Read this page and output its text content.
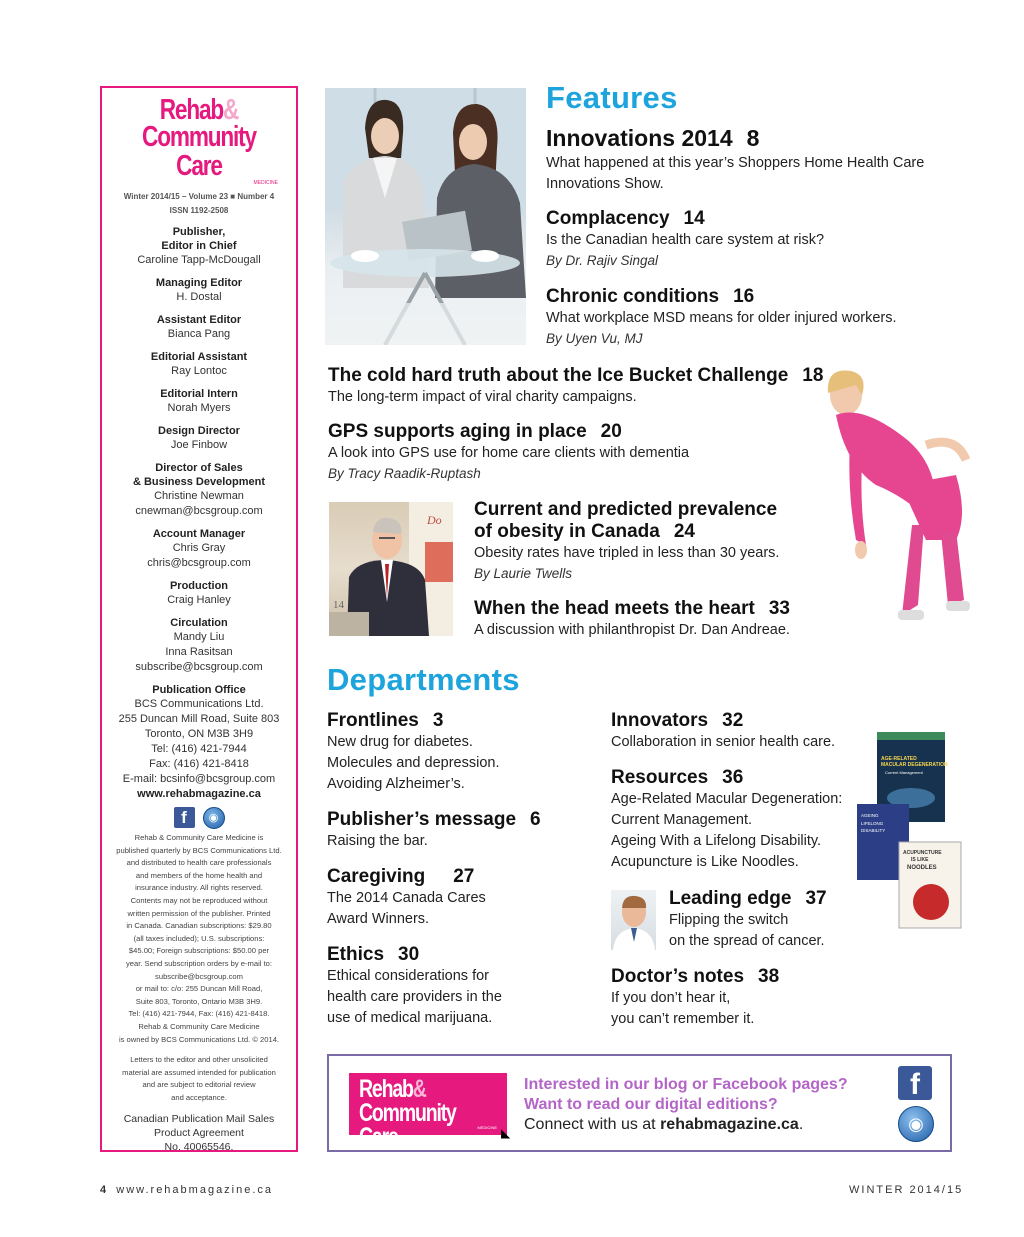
Rehab&
Community Care
MEDICINE
Winter 2014/15 – Volume 23 ■ Number 4
ISSN 1192-2508
Publisher,
Editor in Chief
Caroline Tapp-McDougall
Managing Editor
H. Dostal
Assistant Editor
Bianca Pang
Editorial Assistant
Ray Lontoc
Editorial Intern
Norah Myers
Design Director
Joe Finbow
Director of Sales
& Business Development
Christine Newman
cnewman@bcsgroup.com
Account Manager
Chris Gray
chris@bcsgroup.com
Production
Craig Hanley
Circulation
Mandy Liu
Inna Rasitsan
subscribe@bcsgroup.com
Publication Office
BCS Communications Ltd.
255 Duncan Mill Road, Suite 803
Toronto, ON M3B 3H9
Tel: (416) 421-7944
Fax: (416) 421-8418
E-mail: bcsinfo@bcsgroup.com
www.rehabmagazine.ca
f	◉
Rehab & Community Care Medicine is
published quarterly by BCS Communications Ltd.
and distributed to health care professionals
and members of the home health and
insurance industry. All rights reserved.
Contents may not be reproduced without
written permission of the publisher. Printed
in Canada. Canadian subscriptions: $29.80
(all taxes included); U.S. subscriptions:
$45.00; Foreign subscriptions: $50.00 per
year. Send subscription orders by e-mail to:
subscribe@bcsgroup.com
or mail to: c/o: 255 Duncan Mill Road,
Suite 803, Toronto, Ontario M3B 3H9.
Tel: (416) 421-7944, Fax: (416) 421-8418.
Rehab & Community Care Medicine
is owned by BCS Communications Ltd. © 2014.
Letters to the editor and other unsolicited
material are assumed intended for publication
and are subject to editorial review
and acceptance.
Canadian Publication Mail Sales
Product Agreement
No. 40065546.
Do
14
AGE-RELATED
MACULAR DEGENERATION
Current Management
AGEING
LIFELONG
DISABILITY
ACUPUNCTURE
IS LIKE
NOODLES
Features
Innovations 2014 8
What happened at this year’s Shoppers Home Health Care
Innovations Show.
Complacency 14
Is the Canadian health care system at risk?
By Dr. Rajiv Singal
Chronic conditions 16
What workplace MSD means for older injured workers.
By Uyen Vu, MJ
The cold hard truth about the Ice Bucket Challenge 18
The long-term impact of viral charity campaigns.
GPS supports aging in place 20
A look into GPS use for home care clients with dementia
By Tracy Raadik-Ruptash
Current and predicted prevalence
of obesity in Canada 24
Obesity rates have tripled in less than 30 years.
By Laurie Twells
When the head meets the heart 33
A discussion with philanthropist Dr. Dan Andreae.
Departments
Frontlines 3
New drug for diabetes.
Molecules and depression.
Avoiding Alzheimer’s.
Publisher’s message 6
Raising the bar.
Caregiving 27
The 2014 Canada Cares
Award Winners.
Ethics 30
Ethical considerations for
health care providers in the
use of medical marijuana.
Innovators 32
Collaboration in senior health care.
Resources 36
Age-Related Macular Degeneration:
Current Management.
Ageing With a Lifelong Disability.
Acupuncture is Like Noodles.
Leading edge 37
Flipping the switch
on the spread of cancer.
Doctor’s notes 38
If you don’t hear it,
you can’t remember it.
Rehab&
Community Care	MEDICINE ◣
Interested in our blog or Facebook pages?
Want to read our digital editions?
Connect with us at rehabmagazine.ca.
f
◉
4 www.rehabmagazine.ca	WINTER 2014/15
